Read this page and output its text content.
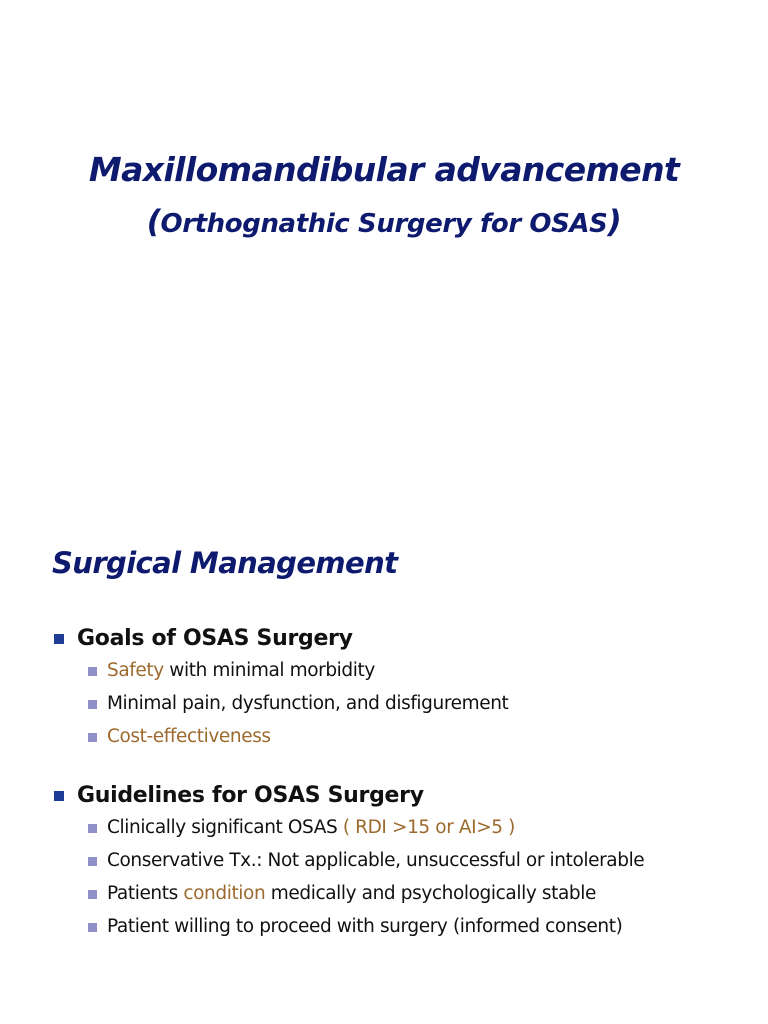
Maxillomandibular advancement
(Orthognathic Surgery for OSAS)
Surgical Management
Goals of OSAS Surgery
Safety with minimal morbidity
Minimal pain, dysfunction, and disfigurement
Cost-effectiveness
Guidelines for OSAS Surgery
Clinically significant OSAS ( RDI >15 or AI>5 )
Conservative Tx.: Not applicable, unsuccessful or intolerable
Patients condition medically and psychologically stable
Patient willing to proceed with surgery (informed consent)
